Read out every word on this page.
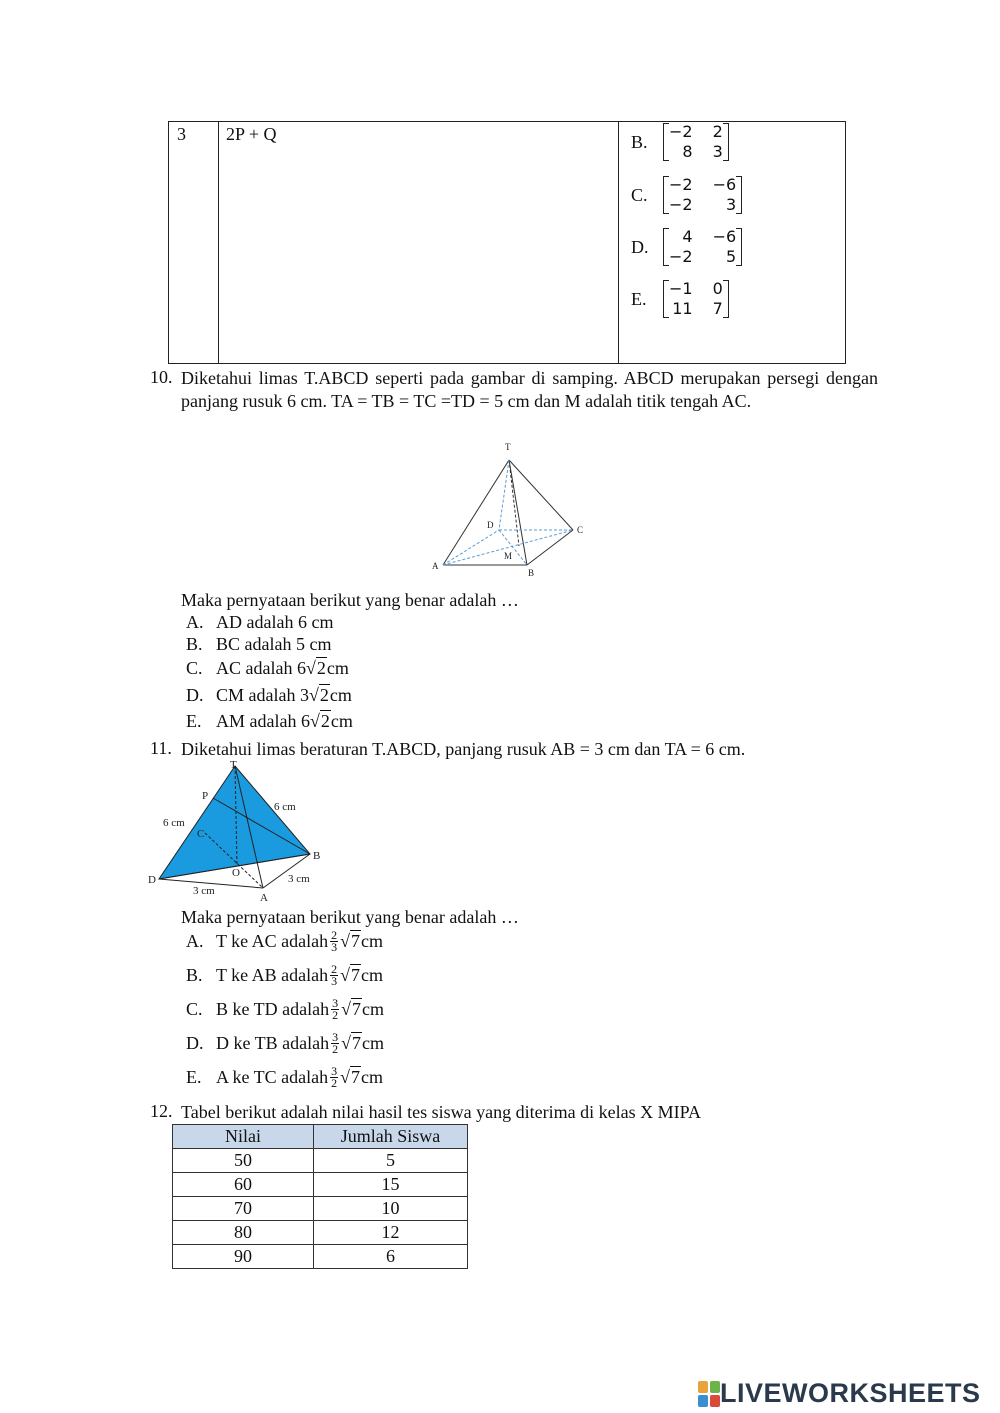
3 2P + Q	B.	−2 2
8 3
C.	−2 −6
−2	3
D.	4 −6
−2	5
E.	−1 0
11 7
10. Diketahui limas T.ABCD seperti pada gambar di samping. ABCD merupakan persegi dengan panjang rusuk 6 cm. TA = TB = TC =TD = 5 cm dan M adalah titik tengah AC.
T
A
B
C
D
M
Maka pernyataan berikut yang benar adalah …
A. AD adalah 6 cm
B. BC adalah 5 cm
C. AC adalah
6 √2 cm
D. CM adalah
3 √2 cm
E. AM adalah
6 √2 cm
11. Diketahui limas beraturan T.ABCD, panjang rusuk AB = 3 cm dan TA = 6 cm.
T
P
C
B
D
O
A
6 cm
6 cm
3 cm
3 cm
Maka pernyataan berikut yang benar adalah …
A. T ke AC adalah $\frac{2}{3} √7$ cm
B. T ke AB adalah $\frac{2}{3} √7$ cm
C. B ke TD adalah $\frac{3}{2} √7$ cm
D. D ke TB adalah $\frac{3}{2} √7$ cm
E. A ke TC adalah $\frac{3}{2} √7$ cm
12. Tabel berikut adalah nilai hasil tes siswa yang diterima di kelas X MIPA
Nilai	Jumlah Siswa
50	5
60	15
70	10
80	12
90	6
LIVEWORKSHEETS
